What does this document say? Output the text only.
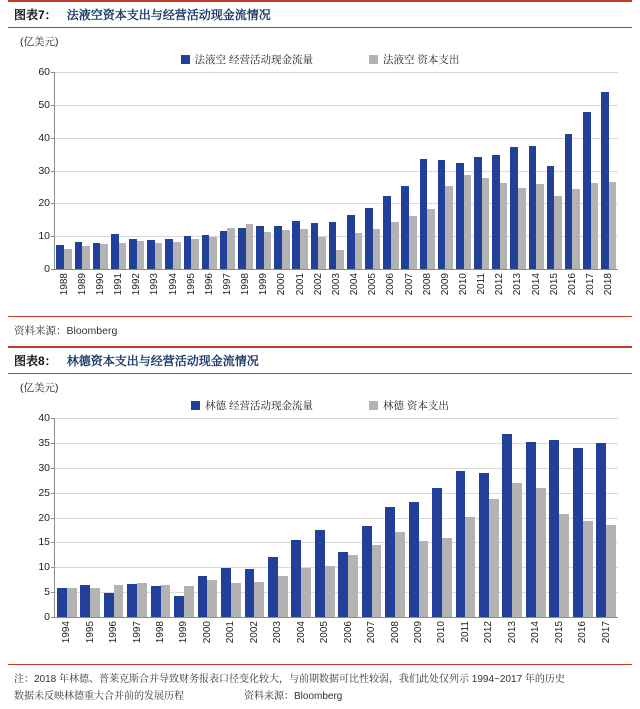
图表7： 法液空资本支出与经营活动现金流情况
(亿美元)
法液空 经营活动现金流量	法液空 资本支出
0
10
20
30
40
50
60
1988 1989 1990 1991 1992 1993 1994 1995 1996 1997 1998 1999 2000 2001 2002 2003 2004 2005 2006 2007 2008 2009 2010 2011 2012 2013 2014 2015 2016 2017 2018
资料来源：Bloomberg
图表8： 林德资本支出与经营活动现金流情况
(亿美元)
林德 经营活动现金流量	林德 资本支出
0
5
10
15
20
25
30
35
40
1994 1995 1996 1997 1998 1999 2000 2001 2002 2003 2004 2005 2006 2007 2008 2009 2010 2011 2012 2013 2014 2015 2016 2017
注：2018 年林德、普莱克斯合并导致财务报表口径变化较大，与前期数据可比性较弱，我们此处仅列示 1994~2017 年的历史
数据未反映林德重大合并前的发展历程	资料来源：Bloomberg
